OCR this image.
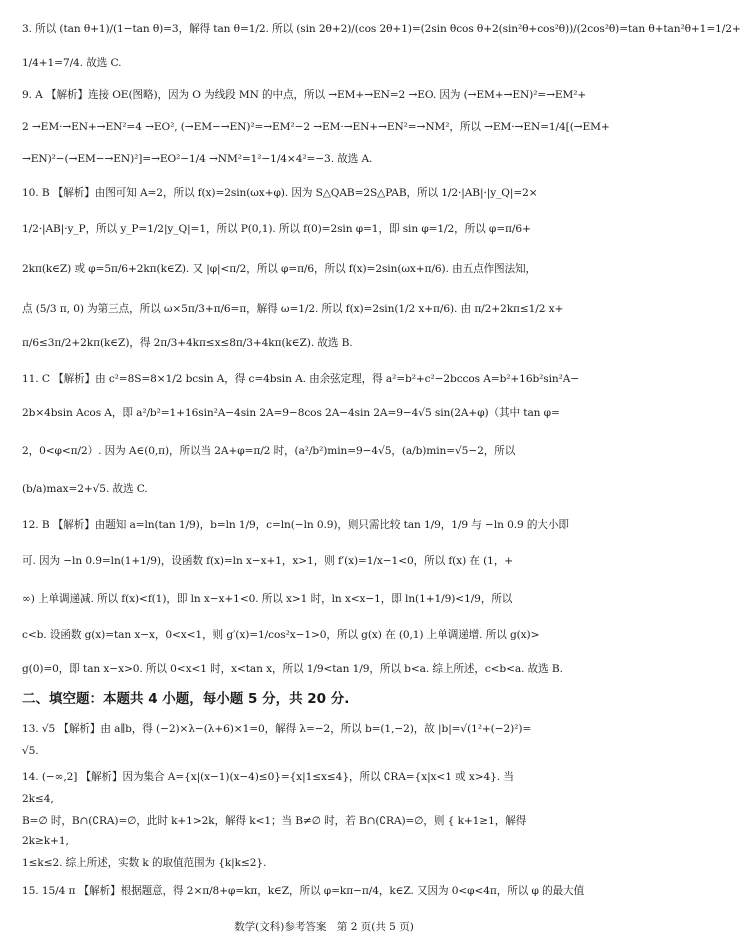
3. 所以 (tan θ+1)/(1−tan θ)=3，解得 tan θ=1/2. 所以 (sin 2θ+2)/(cos 2θ+1)=(2sin θcos θ+2(sin²θ+cos²θ))/(2cos²θ)=tan θ+tan²θ+1=1/2+
1/4+1=7/4. 故选 C.
9. A 【解析】连接 OE(图略)，因为 O 为线段 MN 的中点，所以 →EM+→EN=2 →EO. 因为 (→EM+→EN)²=→EM²+
2 →EM·→EN+→EN²=4 →EO², (→EM−→EN)²=→EM²−2 →EM·→EN+→EN²=→NM²，所以 →EM·→EN=1/4[(→EM+
→EN)²−(→EM−→EN)²]=→EO²−1/4 →NM²=1²−1/4×4²=−3. 故选 A.
10. B 【解析】由图可知 A=2，所以 f(x)=2sin(ωx+φ). 因为 S△QAB=2S△PAB，所以 1/2·|AB|·|y_Q|=2×
1/2·|AB|·y_P，所以 y_P=1/2|y_Q|=1，所以 P(0,1). 所以 f(0)=2sin φ=1，即 sin φ=1/2，所以 φ=π/6+
2kπ(k∈Z) 或 φ=5π/6+2kπ(k∈Z). 又 |φ|<π/2，所以 φ=π/6，所以 f(x)=2sin(ωx+π/6). 由五点作图法知，
点 (5/3 π, 0) 为第三点，所以 ω×5π/3+π/6=π，解得 ω=1/2. 所以 f(x)=2sin(1/2 x+π/6). 由 π/2+2kπ≤1/2 x+
π/6≤3π/2+2kπ(k∈Z)，得 2π/3+4kπ≤x≤8π/3+4kπ(k∈Z). 故选 B.
11. C 【解析】由 c²=8S=8×1/2 bcsin A，得 c=4bsin A. 由余弦定理，得 a²=b²+c²−2bccos A=b²+16b²sin²A−
2b×4bsin Acos A，即 a²/b²=1+16sin²A−4sin 2A=9−8cos 2A−4sin 2A=9−4√5 sin(2A+φ)（其中 tan φ=
2，0<φ<π/2）. 因为 A∈(0,π)，所以当 2A+φ=π/2 时，(a²/b²)min=9−4√5，(a/b)min=√5−2，所以
(b/a)max=2+√5. 故选 C.
12. B 【解析】由题知 a=ln(tan 1/9)，b=ln 1/9，c=ln(−ln 0.9)，则只需比较 tan 1/9，1/9 与 −ln 0.9 的大小即
可. 因为 −ln 0.9=ln(1+1/9)，设函数 f(x)=ln x−x+1，x>1，则 f′(x)=1/x−1<0，所以 f(x) 在 (1，+
∞) 上单调递减. 所以 f(x)<f(1)，即 ln x−x+1<0. 所以 x>1 时，ln x<x−1，即 ln(1+1/9)<1/9，所以
c<b. 设函数 g(x)=tan x−x，0<x<1，则 g′(x)=1/cos²x−1>0，所以 g(x) 在 (0,1) 上单调递增. 所以 g(x)>
g(0)=0，即 tan x−x>0. 所以 0<x<1 时，x<tan x，所以 1/9<tan 1/9，所以 b<a. 综上所述，c<b<a. 故选 B.
二、填空题：本题共 4 小题，每小题 5 分，共 20 分.
13. √5 【解析】由 a∥b，得 (−2)×λ−(λ+6)×1=0，解得 λ=−2，所以 b=(1,−2)，故 |b|=√(1²+(−2)²)=
√5.
14. (−∞,2] 【解析】因为集合 A={x|(x−1)(x−4)≤0}={x|1≤x≤4}，所以 ∁RA={x|x<1 或 x>4}. 当
2k≤4,
B=∅ 时，B∩(∁RA)=∅，此时 k+1>2k，解得 k<1；当 B≠∅ 时，若 B∩(∁RA)=∅，则 { k+1≥1，解得
2k≥k+1,
1≤k≤2. 综上所述，实数 k 的取值范围为 {k|k≤2}.
15. 15/4 π 【解析】根据题意，得 2×π/8+φ=kπ，k∈Z，所以 φ=kπ−π/4，k∈Z. 又因为 0<φ<4π，所以 φ 的最大值
数学(文科)参考答案　第 2 页(共 5 页)
